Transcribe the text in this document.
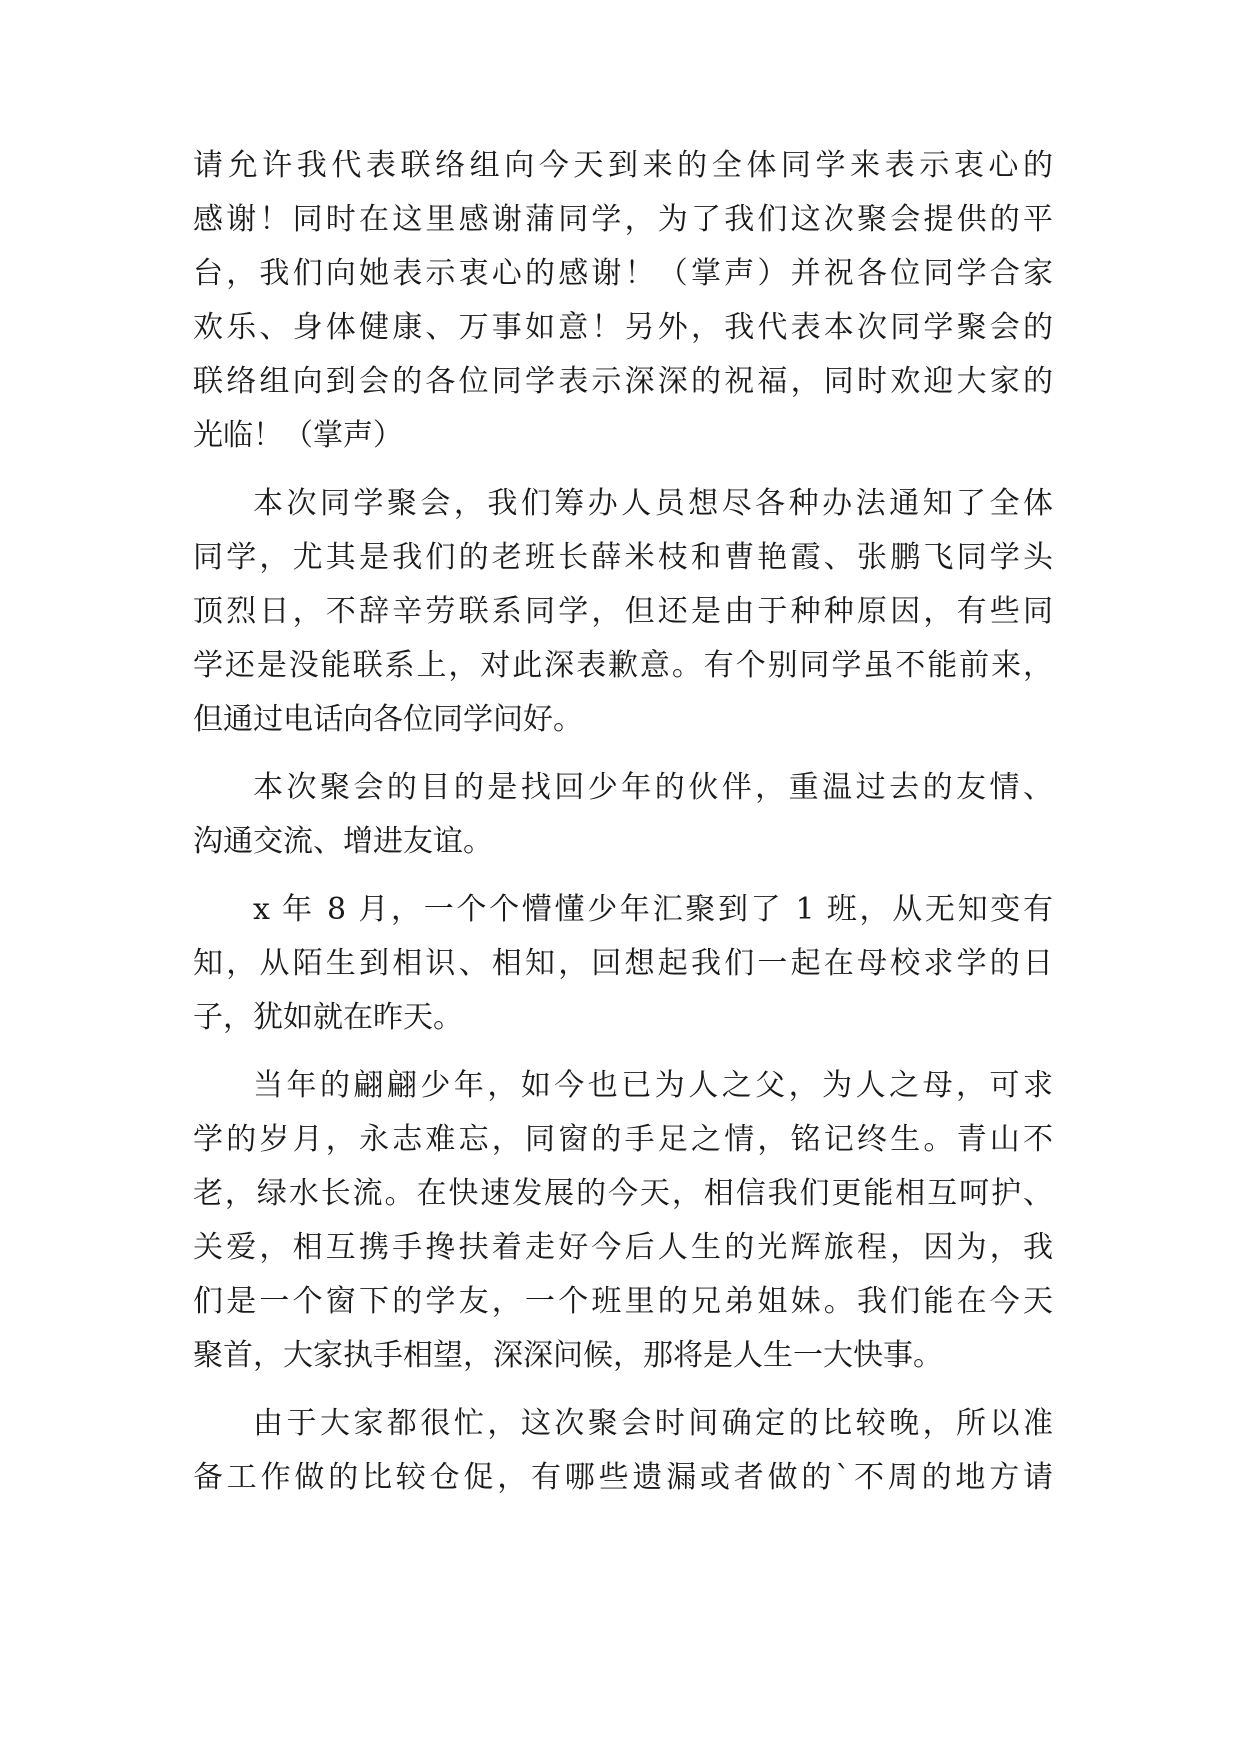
请允许我代表联络组向今天到来的全体同学来表示衷心的
感谢！同时在这里感谢蒲同学，为了我们这次聚会提供的平
台，我们向她表示衷心的感谢！（掌声）并祝各位同学合家
欢乐、身体健康、万事如意！另外，我代表本次同学聚会的
联络组向到会的各位同学表示深深的祝福，同时欢迎大家的
光临！（掌声）
本次同学聚会，我们筹办人员想尽各种办法通知了全体
同学，尤其是我们的老班长薛米枝和曹艳霞、张鹏飞同学头
顶烈日，不辞辛劳联系同学，但还是由于种种原因，有些同
学还是没能联系上，对此深表歉意。有个别同学虽不能前来，
但通过电话向各位同学问好。
本次聚会的目的是找回少年的伙伴，重温过去的友情、
沟通交流、增进友谊。
x 年 8 月，一个个懵懂少年汇聚到了 1 班，从无知变有
知，从陌生到相识、相知，回想起我们一起在母校求学的日
子，犹如就在昨天。
当年的翩翩少年，如今也已为人之父，为人之母，可求
学的岁月，永志难忘，同窗的手足之情，铭记终生。青山不
老，绿水长流。在快速发展的今天，相信我们更能相互呵护、
关爱，相互携手搀扶着走好今后人生的光辉旅程，因为，我
们是一个窗下的学友，一个班里的兄弟姐妹。我们能在今天
聚首，大家执手相望，深深问候，那将是人生一大快事。
由于大家都很忙，这次聚会时间确定的比较晚，所以准
备工作做的比较仓促，有哪些遗漏或者做的`不周的地方请
